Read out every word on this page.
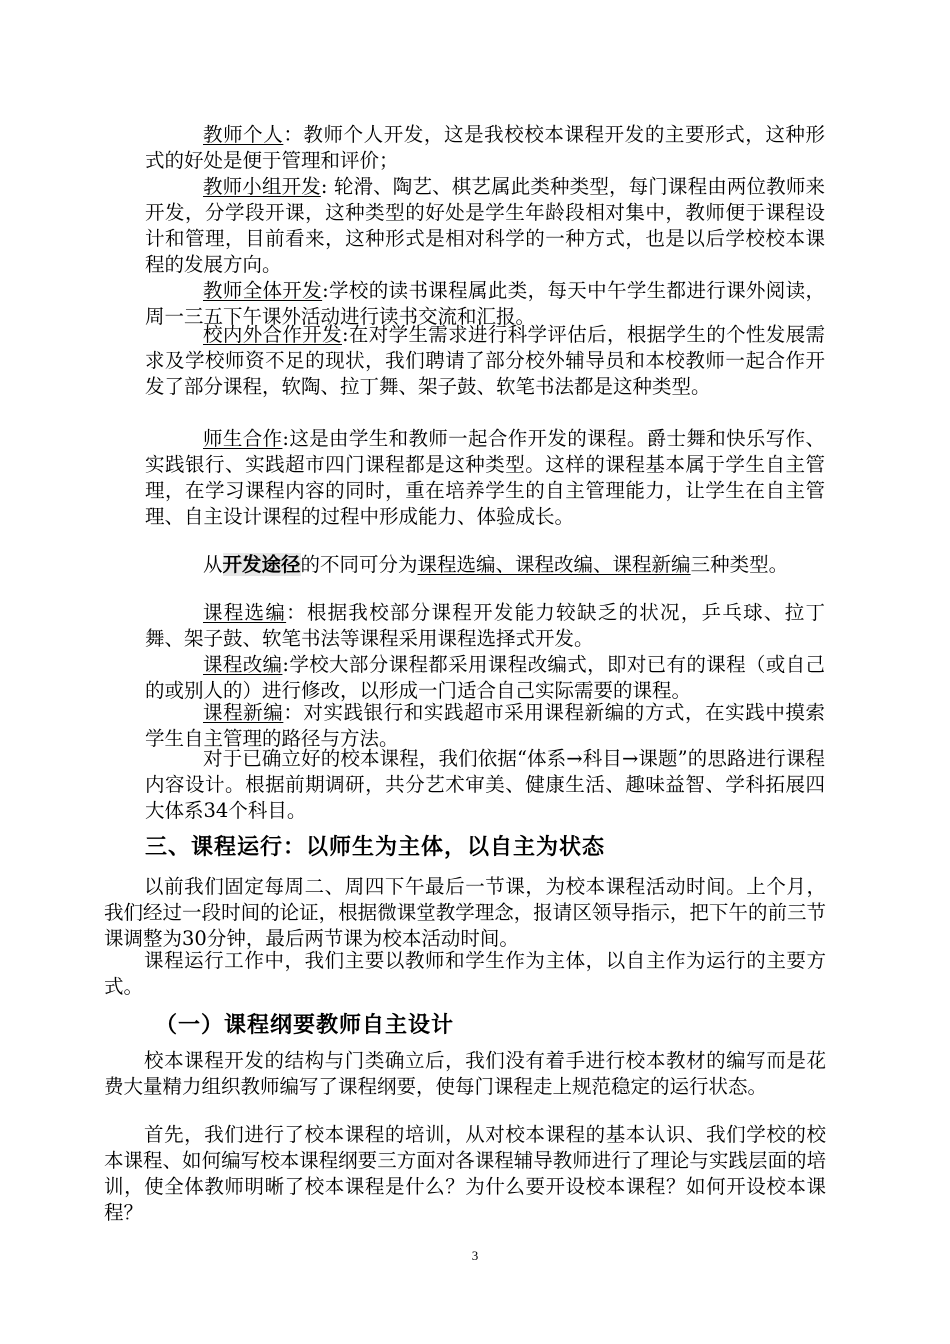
教师个人：教师个人开发，这是我校校本课程开发的主要形式，这种形式的好处是便于管理和评价；

教师小组开发: 轮滑、陶艺、棋艺属此类种类型，每门课程由两位教师来开发，分学段开课，这种类型的好处是学生年龄段相对集中，教师便于课程设计和管理，目前看来，这种形式是相对科学的一种方式，也是以后学校校本课程的发展方向。

教师全体开发:学校的读书课程属此类，每天中午学生都进行课外阅读，周一三五下午课外活动进行读书交流和汇报。

校内外合作开发:在对学生需求进行科学评估后，根据学生的个性发展需求及学校师资不足的现状，我们聘请了部分校外辅导员和本校教师一起合作开发了部分课程，软陶、拉丁舞、架子鼓、软笔书法都是这种类型。

师生合作:这是由学生和教师一起合作开发的课程。爵士舞和快乐写作、实践银行、实践超市四门课程都是这种类型。这样的课程基本属于学生自主管理，在学习课程内容的同时，重在培养学生的自主管理能力，让学生在自主管理、自主设计课程的过程中形成能力、体验成长。

从开发途径的不同可分为课程选编、课程改编、课程新编三种类型。

课程选编：根据我校部分课程开发能力较缺乏的状况，乒乓球、拉丁舞、架子鼓、软笔书法等课程采用课程选择式开发。

课程改编:学校大部分课程都采用课程改编式，即对已有的课程（或自己的或别人的）进行修改，以形成一门适合自己实际需要的课程。

课程新编：对实践银行和实践超市采用课程新编的方式，在实践中摸索学生自主管理的路径与方法。

对于已确立好的校本课程，我们依据“体系→科目→课题”的思路进行课程内容设计。根据前期调研，共分艺术审美、健康生活、趣味益智、学科拓展四大体系34个科目。

三、课程运行：以师生为主体，以自主为状态

以前我们固定每周二、周四下午最后一节课，为校本课程活动时间。上个月，我们经过一段时间的论证，根据微课堂教学理念，报请区领导指示，把下午的前三节课调整为30分钟，最后两节课为校本活动时间。

课程运行工作中，我们主要以教师和学生作为主体，以自主作为运行的主要方式。

（一）课程纲要教师自主设计

校本课程开发的结构与门类确立后，我们没有着手进行校本教材的编写而是花费大量精力组织教师编写了课程纲要，使每门课程走上规范稳定的运行状态。

首先，我们进行了校本课程的培训，从对校本课程的基本认识、我们学校的校本课程、如何编写校本课程纲要三方面对各课程辅导教师进行了理论与实践层面的培训，使全体教师明晰了校本课程是什么？为什么要开设校本课程？如何开设校本课程？

3
